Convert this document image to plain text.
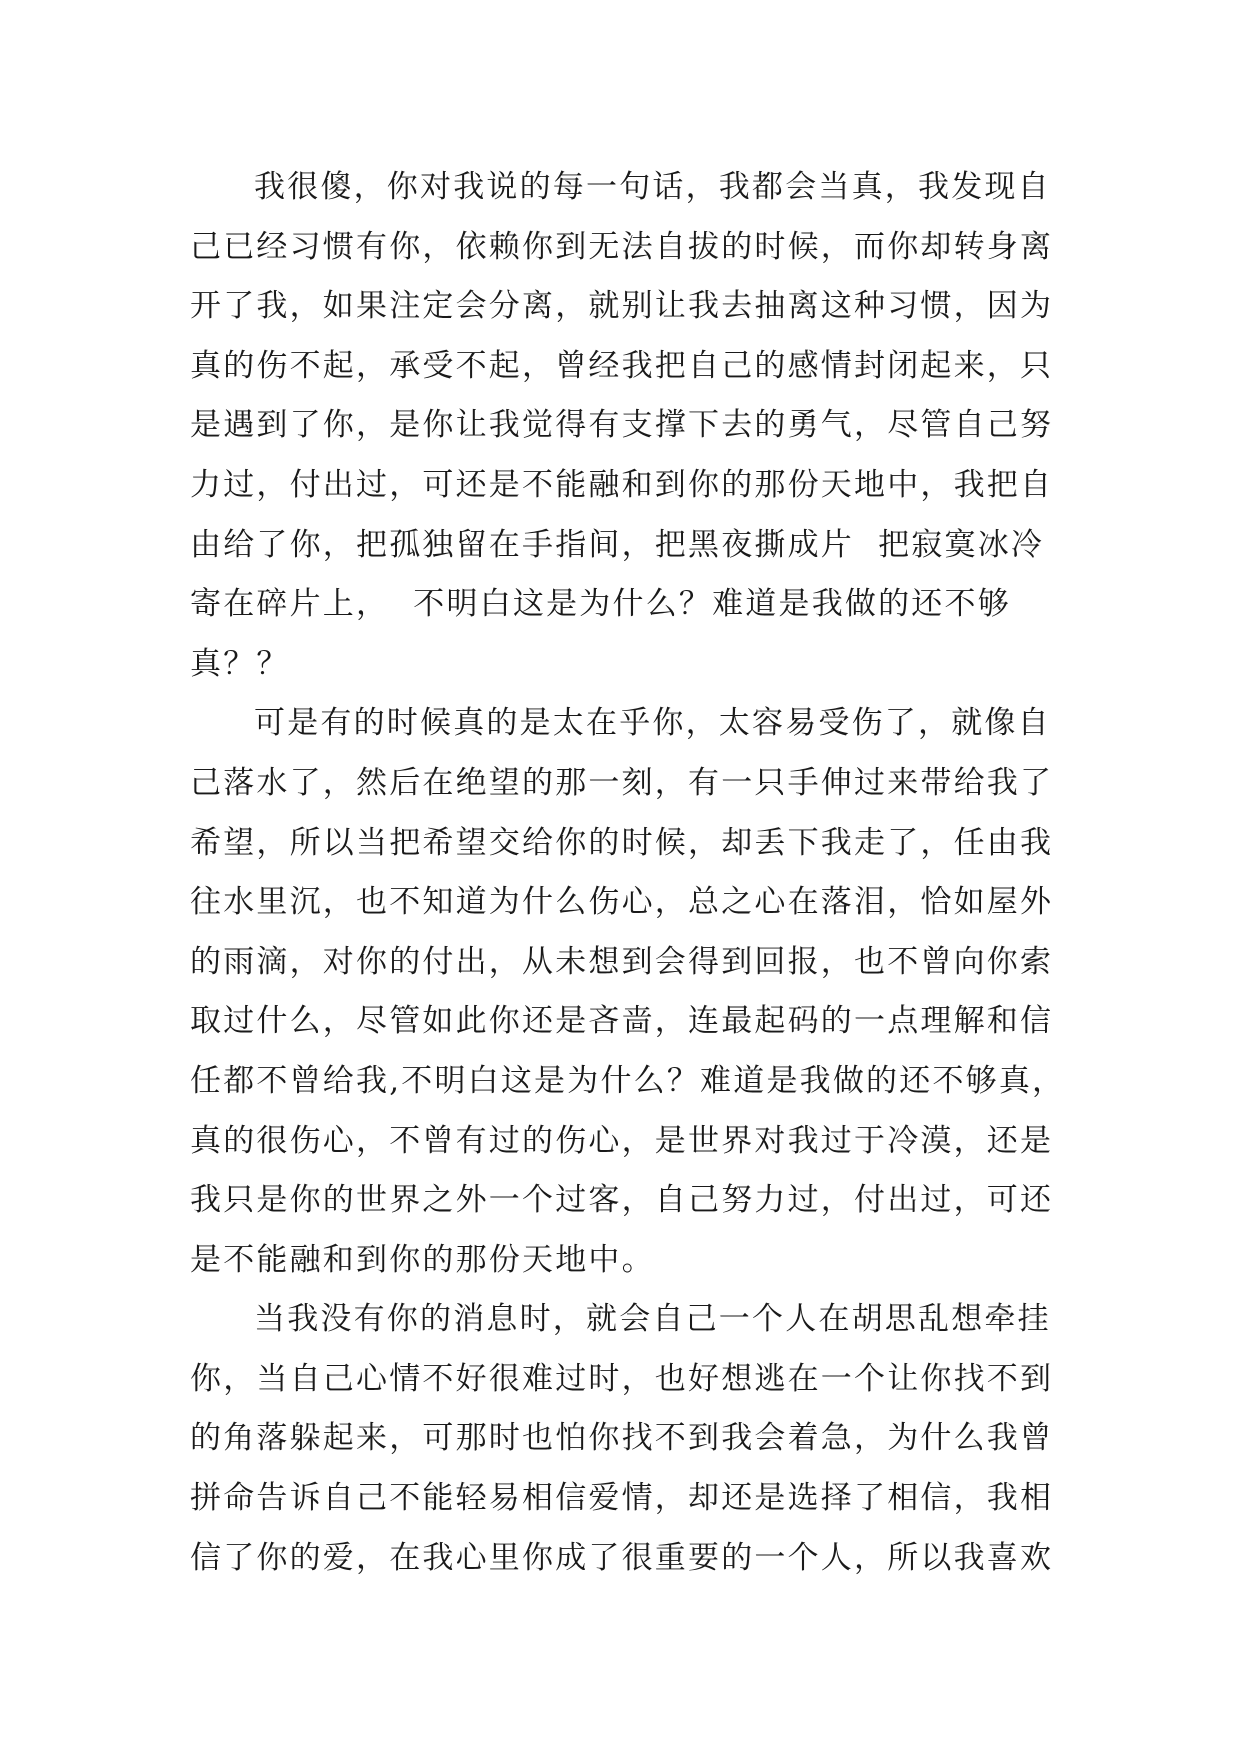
我很傻，你对我说的每一句话，我都会当真，我发现自
己已经习惯有你，依赖你到无法自拔的时候，而你却转身离
开了我，如果注定会分离，就别让我去抽离这种习惯，因为
真的伤不起，承受不起，曾经我把自己的感情封闭起来，只
是遇到了你，是你让我觉得有支撑下去的勇气，尽管自己努
力过，付出过，可还是不能融和到你的那份天地中，我把自
由给了你，把孤独留在手指间，把黑夜撕成片  把寂寞冰冷
寄在碎片上，  不明白这是为什么？难道是我做的还不够
真？？
可是有的时候真的是太在乎你，太容易受伤了，就像自
己落水了，然后在绝望的那一刻，有一只手伸过来带给我了
希望，所以当把希望交给你的时候，却丢下我走了，任由我
往水里沉，也不知道为什么伤心，总之心在落泪，恰如屋外
的雨滴，对你的付出，从未想到会得到回报，也不曾向你索
取过什么，尽管如此你还是吝啬，连最起码的一点理解和信
任都不曾给我,不明白这是为什么？难道是我做的还不够真，
真的很伤心，不曾有过的伤心，是世界对我过于冷漠，还是
我只是你的世界之外一个过客，自己努力过，付出过，可还
是不能融和到你的那份天地中。
当我没有你的消息时，就会自己一个人在胡思乱想牵挂
你，当自己心情不好很难过时，也好想逃在一个让你找不到
的角落躲起来，可那时也怕你找不到我会着急，为什么我曾
拼命告诉自己不能轻易相信爱情，却还是选择了相信，我相
信了你的爱，在我心里你成了很重要的一个人，所以我喜欢
